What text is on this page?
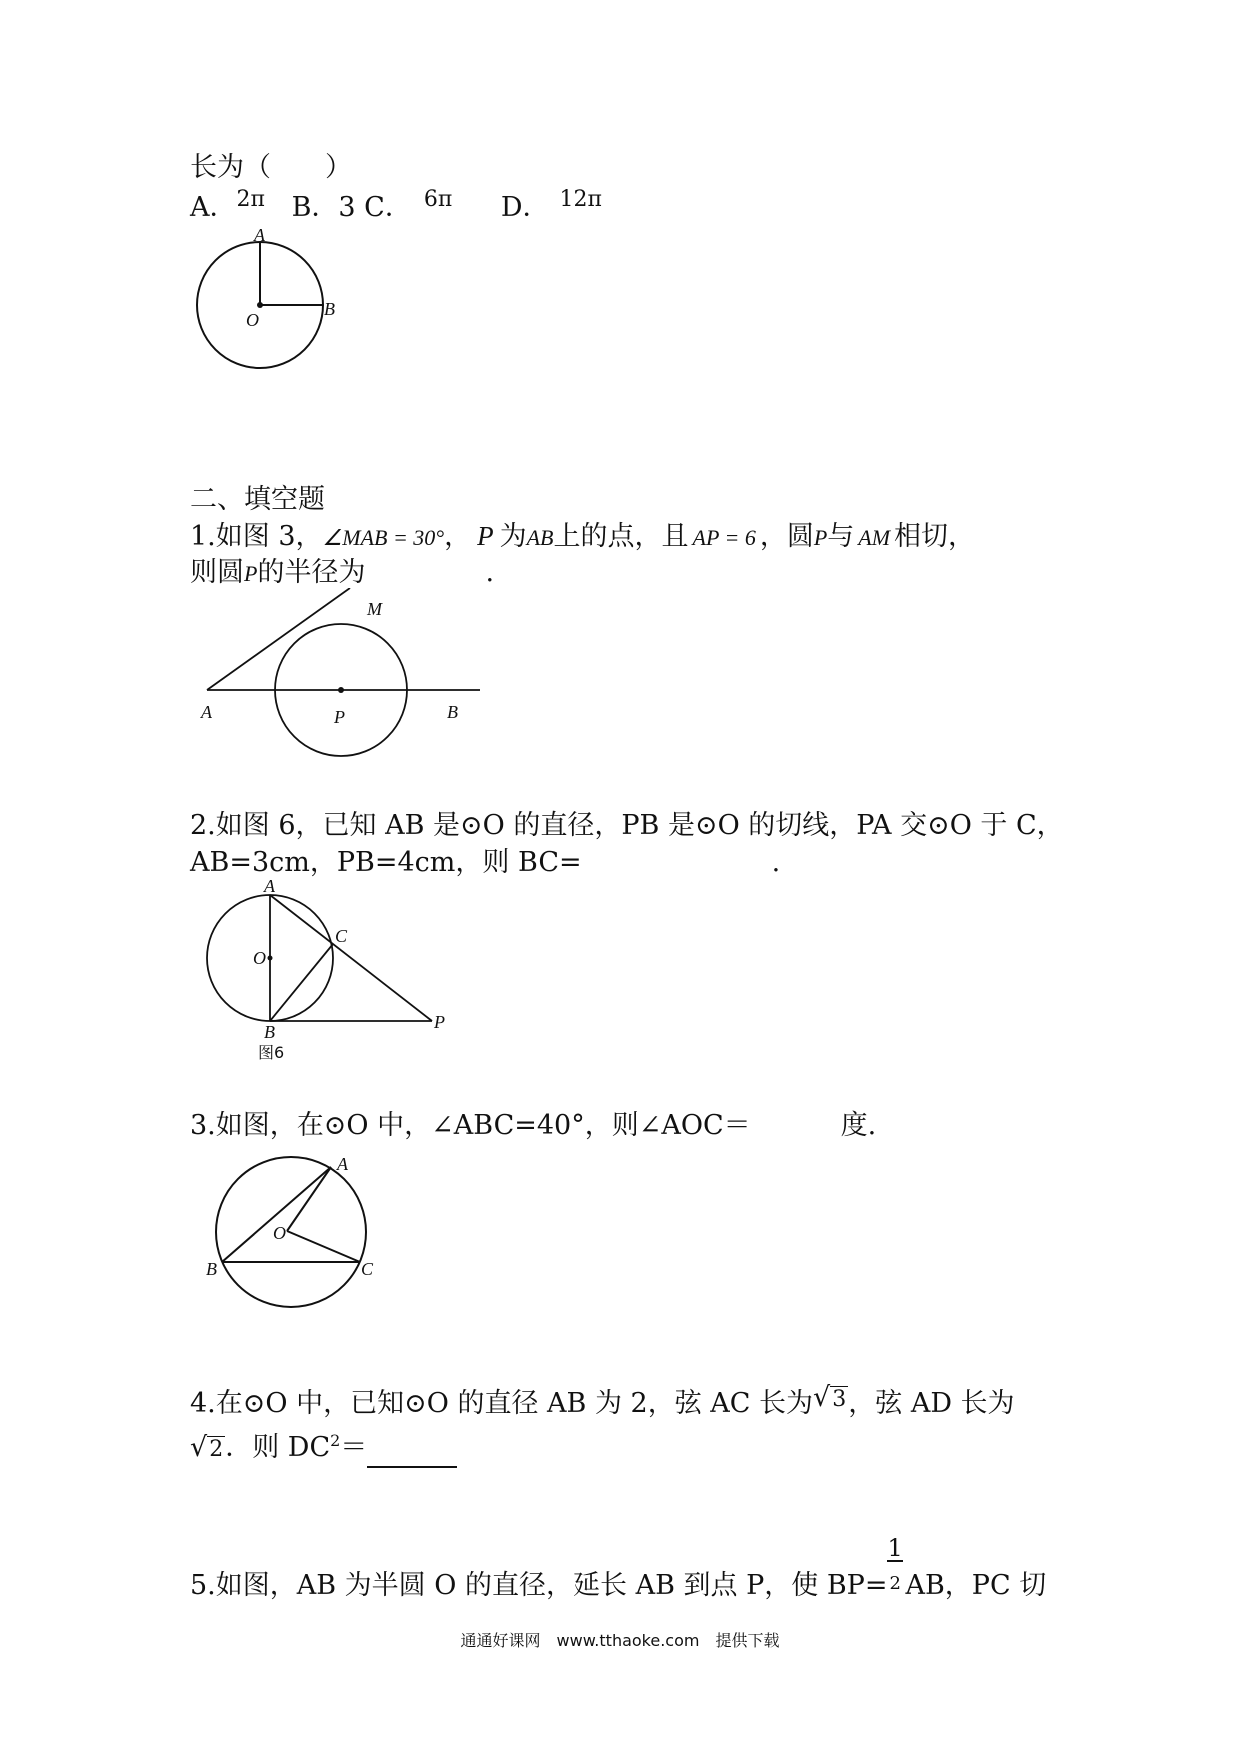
长为（　　）
A．$^{2\pi}$ B．3 C． $^{6\pi}$ D． $^{12\pi}$
A
O
B
二、填空题
1.如图 3，∠MAB = 30°， P 为AB上的点，且 AP = 6 ，圆P与 AM 相切，
则圆P的半径为	.
M
A	P	B
2.如图 6，已知 AB 是⊙O 的直径，PB 是⊙O 的切线，PA 交⊙O 于 C，
AB=3cm，PB=4cm，则 BC=	.
A
O
C
B	P
图6
3.如图，在⊙O 中，∠ABC=40°，则∠AOC＝	度.
A
O
B	C
4.在⊙O 中，已知⊙O 的直径 AB 为 2，弦 AC 长为√3，弦 AD 长为
√2．则 $DC^2=$
5.如图，AB 为半圆 O 的直径，延长 AB 到点 P，使 $BP= \frac{1}{2}$ AB，PC 切
通通好课网　www.tthaoke.com　提供下载
